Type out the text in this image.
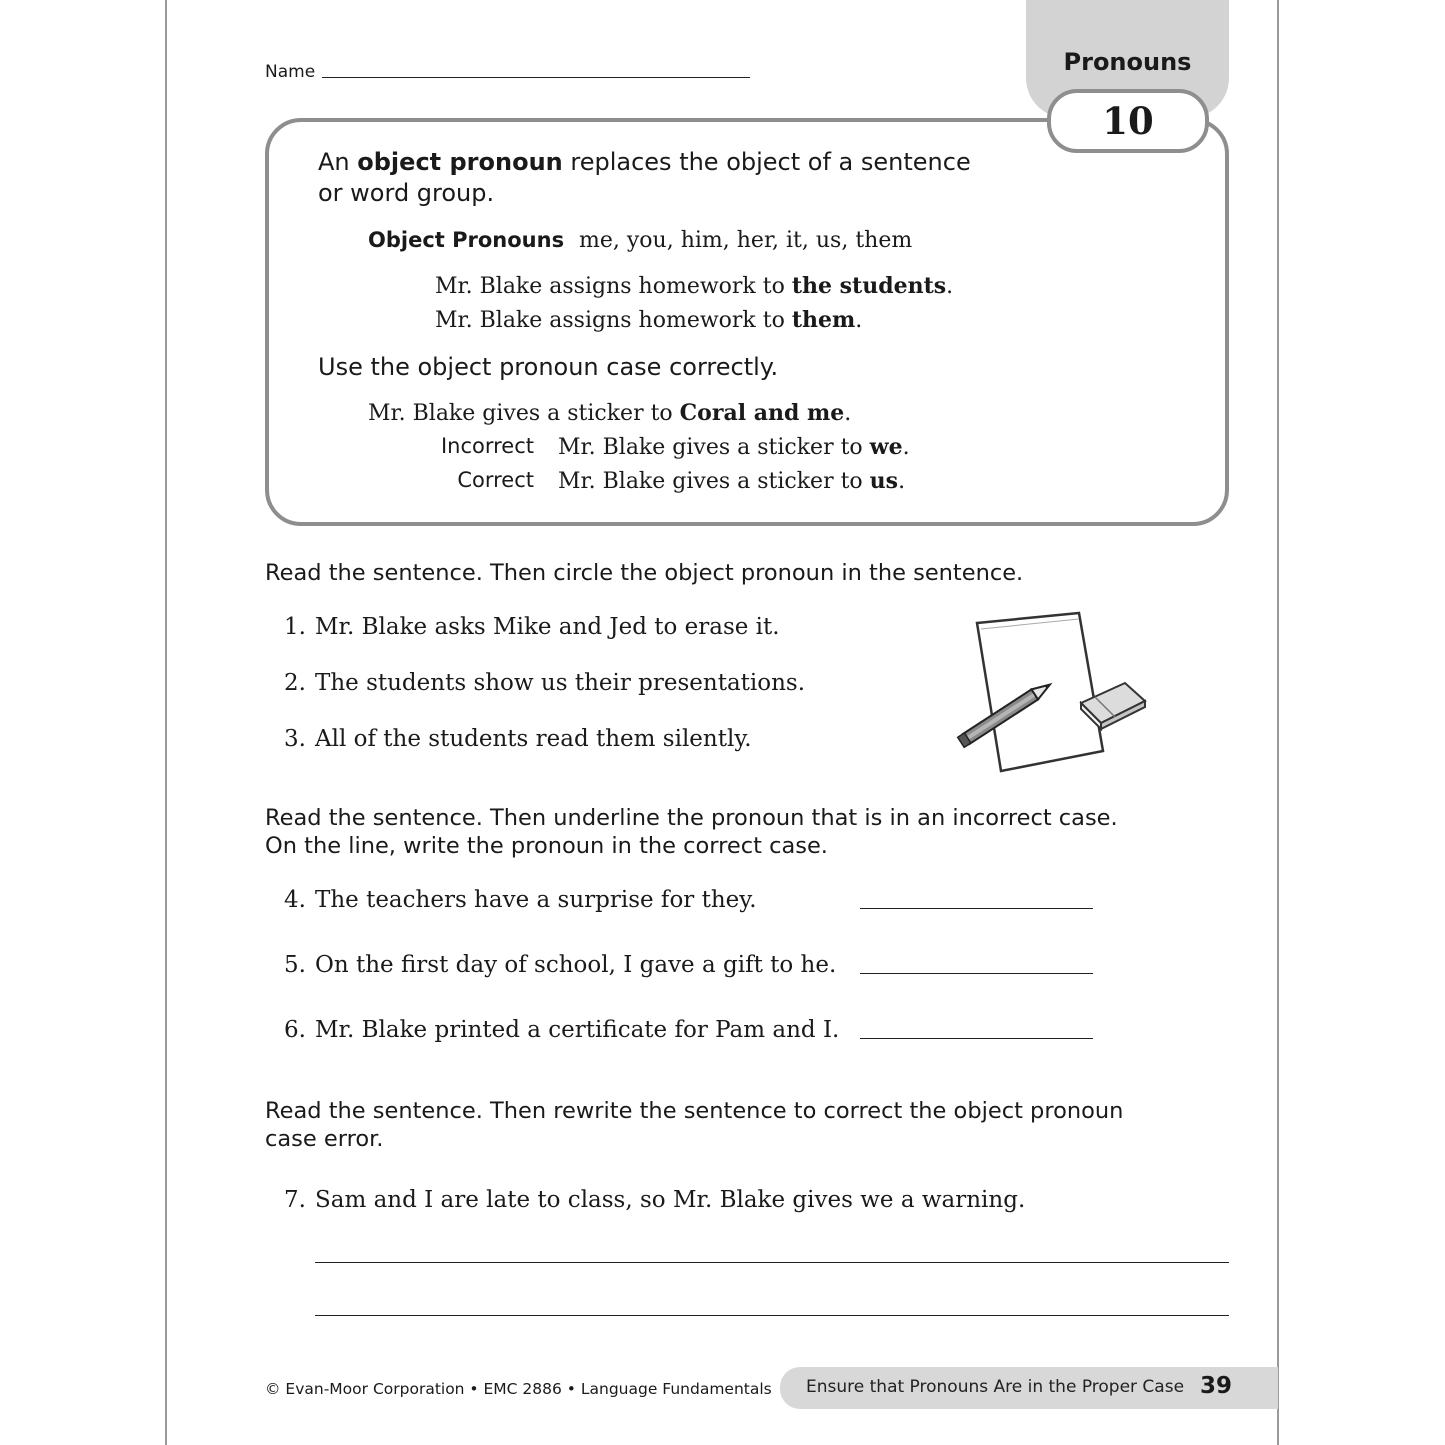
Name	Pronouns
10
An object pronoun replaces the object of a sentence
or word group.
Object Pronouns me, you, him, her, it, us, them
Mr. Blake assigns homework to the students.
Mr. Blake assigns homework to them.
Use the object pronoun case correctly.
Mr. Blake gives a sticker to Coral and me.
Incorrect Mr. Blake gives a sticker to we.
Correct Mr. Blake gives a sticker to us.
Read the sentence. Then circle the object pronoun in the sentence.
1. Mr. Blake asks Mike and Jed to erase it.
2. The students show us their presentations.
3. All of the students read them silently.
Read the sentence. Then underline the pronoun that is in an incorrect case.
On the line, write the pronoun in the correct case.
4. The teachers have a surprise for they.
5. On the first day of school, I gave a gift to he.
6. Mr. Blake printed a certificate for Pam and I.
Read the sentence. Then rewrite the sentence to correct the object pronoun
case error.
7. Sam and I are late to class, so Mr. Blake gives we a warning.
© Evan-Moor Corporation • EMC 2886 • Language Fundamentals Ensure that Pronouns Are in the Proper Case 39
